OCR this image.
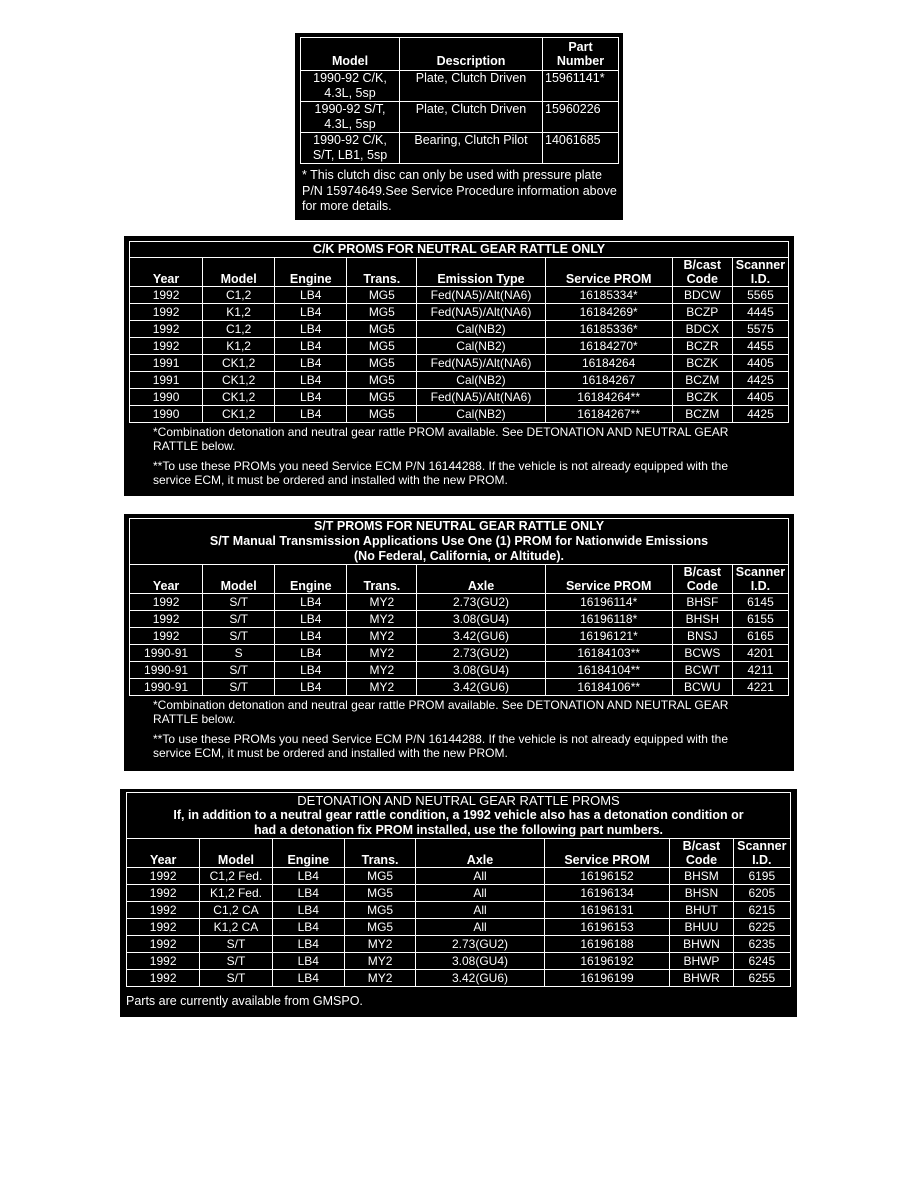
Model	Description	Part Number
1990-92 C/K, 4.3L, 5sp	Plate, Clutch Driven	15961141*
1990-92 S/T, 4.3L, 5sp	Plate, Clutch Driven	15960226
1990-92 C/K, S/T, LB1, 5sp	Bearing, Clutch Pilot	14061685
* This clutch disc can only be used with pressure plate P/N 15974649.See Service Procedure information above for more details.
C/K PROMS FOR NEUTRAL GEAR RATTLE ONLY							
Year	Model	Engine	Trans.	Emission Type	Service PROM	B/cast Code	Scanner I.D.
1992	C1,2	LB4	MG5	Fed(NA5)/Alt(NA6)	16185334*	BDCW	5565
1992	K1,2	LB4	MG5	Fed(NA5)/Alt(NA6)	16184269*	BCZP	4445
1992	C1,2	LB4	MG5	Cal(NB2)	16185336*	BDCX	5575
1992	K1,2	LB4	MG5	Cal(NB2)	16184270*	BCZR	4455
1991	CK1,2	LB4	MG5	Fed(NA5)/Alt(NA6)	16184264	BCZK	4405
1991	CK1,2	LB4	MG5	Cal(NB2)	16184267	BCZM	4425
1990	CK1,2	LB4	MG5	Fed(NA5)/Alt(NA6)	16184264**	BCZK	4405
1990	CK1,2	LB4	MG5	Cal(NB2)	16184267**	BCZM	4425
*Combination detonation and neutral gear rattle PROM available. See DETONATION AND NEUTRAL GEAR RATTLE below.
**To use these PROMs you need Service ECM P/N 16144288. If the vehicle is not already equipped with the service ECM, it must be ordered and installed with the new PROM.
S/T PROMS FOR NEUTRAL GEAR RATTLE ONLY
S/T Manual Transmission Applications Use One (1) PROM for Nationwide Emissions
(No Federal, California, or Altitude).							

Year	Model	Engine	Trans.	Axle	Service PROM	B/cast Code	Scanner I.D.
1992	S/T	LB4	MY2	2.73(GU2)	16196114*	BHSF	6145
1992	S/T	LB4	MY2	3.08(GU4)	16196118*	BHSH	6155
1992	S/T	LB4	MY2	3.42(GU6)	16196121*	BNSJ	6165
1990-91	S	LB4	MY2	2.73(GU2)	16184103**	BCWS	4201
1990-91	S/T	LB4	MY2	3.08(GU4)	16184104**	BCWT	4211
1990-91	S/T	LB4	MY2	3.42(GU6)	16184106**	BCWU	4221
*Combination detonation and neutral gear rattle PROM available. See DETONATION AND NEUTRAL GEAR RATTLE below.
**To use these PROMs you need Service ECM P/N 16144288. If the vehicle is not already equipped with the service ECM, it must be ordered and installed with the new PROM.
DETONATION AND NEUTRAL GEAR RATTLE PROMS
If, in addition to a neutral gear rattle condition, a 1992 vehicle also has a detonation condition or
had a detonation fix PROM installed, use the following part numbers.							

Year	Model	Engine	Trans.	Axle	Service PROM	B/cast Code	Scanner I.D.
1992	C1,2 Fed.	LB4	MG5	All	16196152	BHSM	6195
1992	K1,2 Fed.	LB4	MG5	All	16196134	BHSN	6205
1992	C1,2 CA	LB4	MG5	All	16196131	BHUT	6215
1992	K1,2 CA	LB4	MG5	All	16196153	BHUU	6225
1992	S/T	LB4	MY2	2.73(GU2)	16196188	BHWN	6235
1992	S/T	LB4	MY2	3.08(GU4)	16196192	BHWP	6245
1992	S/T	LB4	MY2	3.42(GU6)	16196199	BHWR	6255
Parts are currently available from GMSPO.
